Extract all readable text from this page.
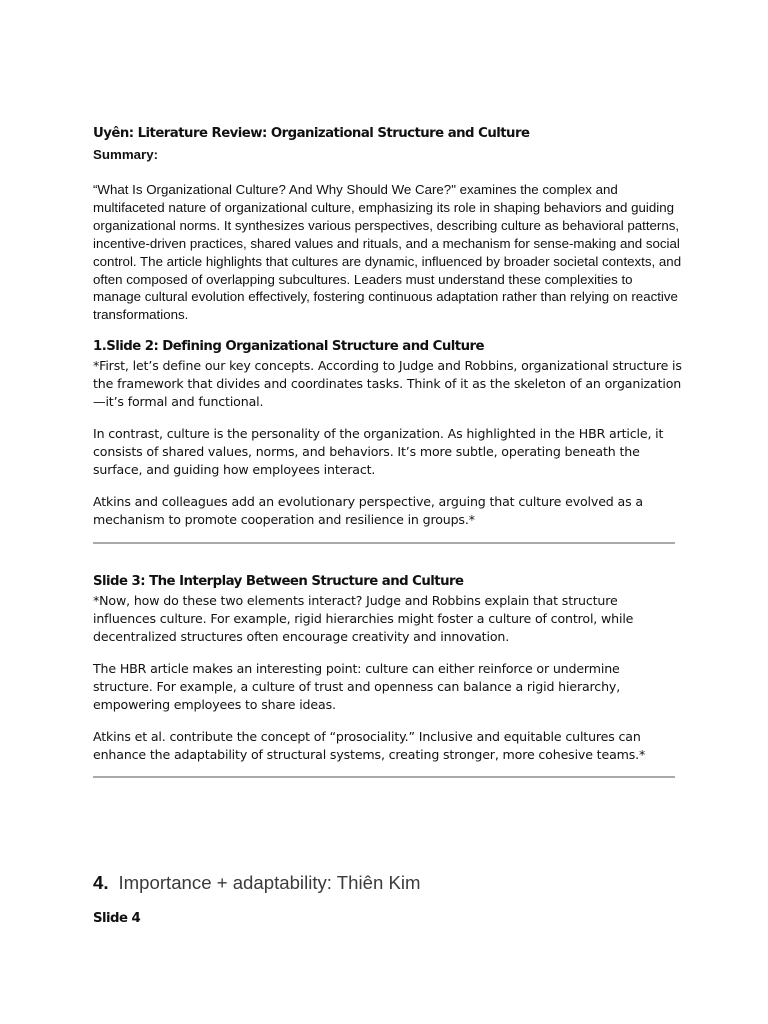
Uyên: Literature Review: Organizational Structure and Culture
Summary:

“What Is Organizational Culture? And Why Should We Care?" examines the complex and multifaceted nature of organizational culture, emphasizing its role in shaping behaviors and guiding organizational norms. It synthesizes various perspectives, describing culture as behavioral patterns, incentive-driven practices, shared values and rituals, and a mechanism for sense-making and social control. The article highlights that cultures are dynamic, influenced by broader societal contexts, and often composed of overlapping subcultures. Leaders must understand these complexities to manage cultural evolution effectively, fostering continuous adaptation rather than relying on reactive transformations.

1.Slide 2: Defining Organizational Structure and Culture

*First, let’s define our key concepts. According to Judge and Robbins, organizational structure is the framework that divides and coordinates tasks. Think of it as the skeleton of an organization—it’s formal and functional.

In contrast, culture is the personality of the organization. As highlighted in the HBR article, it consists of shared values, norms, and behaviors. It’s more subtle, operating beneath the surface, and guiding how employees interact.

Atkins and colleagues add an evolutionary perspective, arguing that culture evolved as a mechanism to promote cooperation and resilience in groups.*

Slide 3: The Interplay Between Structure and Culture

*Now, how do these two elements interact? Judge and Robbins explain that structure influences culture. For example, rigid hierarchies might foster a culture of control, while decentralized structures often encourage creativity and innovation.

The HBR article makes an interesting point: culture can either reinforce or undermine structure. For example, a culture of trust and openness can balance a rigid hierarchy, empowering employees to share ideas.

Atkins et al. contribute the concept of “prosociality.” Inclusive and equitable cultures can enhance the adaptability of structural systems, creating stronger, more cohesive teams.*

4. Importance + adaptability: Thiên Kim
Slide 4
